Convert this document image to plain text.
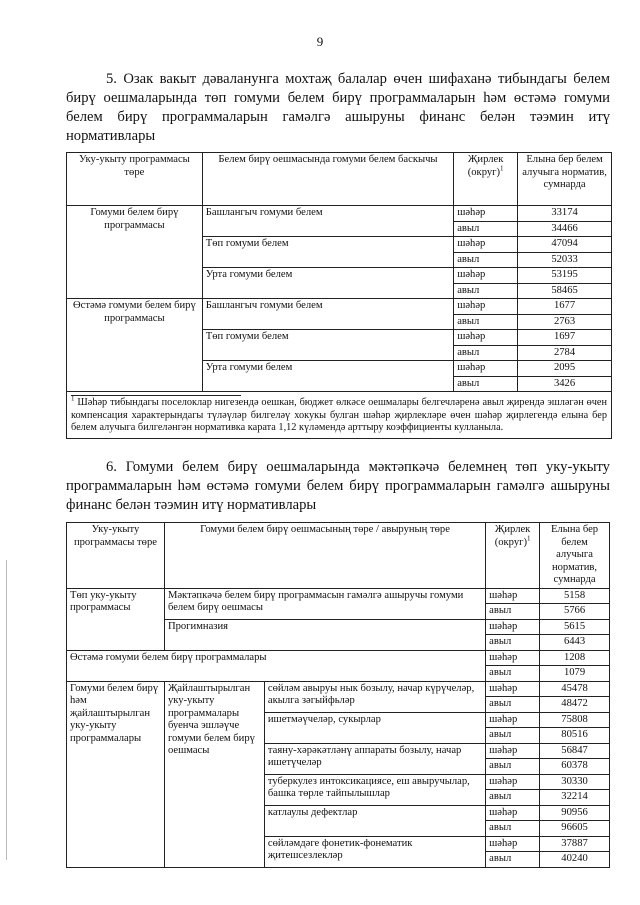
9
5. Озак вакыт дәваланунга мохтаҗ балалар өчен шифаханә тибындагы белем бирү оешмаларында төп гомуми белем бирү программаларын һәм өстәмә гомуми белем бирү программаларын гамәлгә ашыруны финанс белән тәэмин итү нормативлары
Уку-укыту программасы төре	Белем бирү оешмасында гомуми белем баскычы	Җирлек (округ)$^1$	Елына бер белем алучыга норматив, сумнарда
Гомуми белем бирү программасы	Башлангыч гомуми белем	шәһәр	33174
		авыл	34466
	Төп гомуми белем	шәһәр	47094
		авыл	52033
	Урта гомуми белем	шәһәр	53195
		авыл	58465
Өстәмә гомуми белем бирү программасы	Башлангыч гомуми белем	шәһәр	1677
		авыл	2763
	Төп гомуми белем	шәһәр	1697
		авыл	2784
	Урта гомуми белем	шәһәр	2095
		авыл	3426

$^1$ Шәһәр тибындагы поселоклар нигезендә оешкан, бюджет өлкәсе оешмалары белгечләренә авыл җирендә эшләгән өчен компенсация характерындагы түләүләр билгеләү хокукы булган шәһәр җирлекләре өчен шәһәр җирлегендә елына бер белем алучыга билгеләнгән нормативка карата 1,12 күләмендә арттыру коэффициенты кулланыла.			
6. Гомуми белем бирү оешмаларында мәктәпкәчә белемнең төп уку-укыту программаларын һәм өстәмә гомуми белем бирү программаларын гамәлгә ашыруны финанс белән тәэмин итү нормативлары
Уку-укыту программасы төре	Гомуми белем бирү оешмасының төре / авыруның төре		Җирлек (округ)$^1$	Елына бер белем алучыга норматив, сумнарда
Төп уку-укыту программасы	Мәктәпкәчә белем бирү программасын гамәлгә ашыручы гомуми белем бирү оешмасы		шәһәр	5158
			авыл	5766
	Прогимназия		шәһәр	5615
			авыл	6443
Өстәмә гомуми белем бирү программалары			шәһәр	1208
			авыл	1079
Гомуми белем бирү һәм җайлаштырылган уку-укыту программалары	Җайлаштырылган уку-укыту программалары буенча эшләүче гомуми белем бирү оешмасы	сөйләм авыруы нык бозылу, начар күрүчеләр, акылга зәгыйфьләр	шәһәр	45478
			авыл	48472
		ишетмәүчеләр, сукырлар	шәһәр	75808
			авыл	80516
		таяну-хәрәкәтләнү аппараты бозылу, начар ишетүчеләр	шәһәр	56847
			авыл	60378
		туберкулез интоксикациясе, еш авыручылар, башка төрле тайпылышлар	шәһәр	30330
			авыл	32214
		катлаулы дефектлар	шәһәр	90956
			авыл	96605
		сөйләмдәге фонетик-фонематик җитешсезлекләр	шәһәр	37887
			авыл	40240
